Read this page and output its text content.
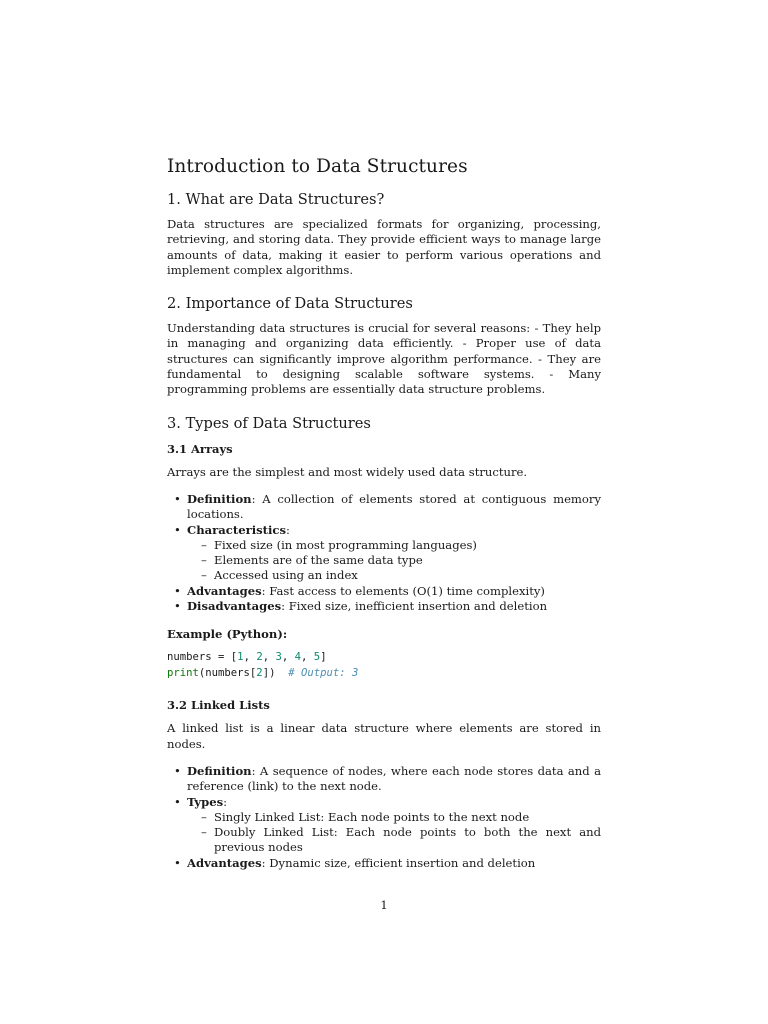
Introduction to Data Structures
1. What are Data Structures?

Data structures are specialized formats for organizing, processing, retrieving, and storing data. They provide efficient ways to manage large amounts of data, making it easier to perform various operations and implement complex algorithms.

2. Importance of Data Structures

Understanding data structures is crucial for several reasons: - They help in managing and organizing data efficiently. - Proper use of data structures can significantly improve algorithm performance. - They are fundamental to designing scalable software systems. - Many programming problems are essentially data structure problems.

3. Types of Data Structures
3.1 Arrays

Arrays are the simplest and most widely used data structure.

• Definition: A collection of elements stored at contiguous memory locations.
• Characteristics:
– Fixed size (in most programming languages)
– Elements are of the same data type
– Accessed using an index
• Advantages: Fast access to elements (O(1) time complexity)
• Disadvantages: Fixed size, inefficient insertion and deletion
Example (Python):
numbers = [1, 2, 3, 4, 5]
print(numbers[2])  # Output: 3
3.2 Linked Lists

A linked list is a linear data structure where elements are stored in nodes.

• Definition: A sequence of nodes, where each node stores data and a reference (link) to the next node.
• Types:
– Singly Linked List: Each node points to the next node
– Doubly Linked List: Each node points to both the next and previous nodes
• Advantages: Dynamic size, efficient insertion and deletion
1
